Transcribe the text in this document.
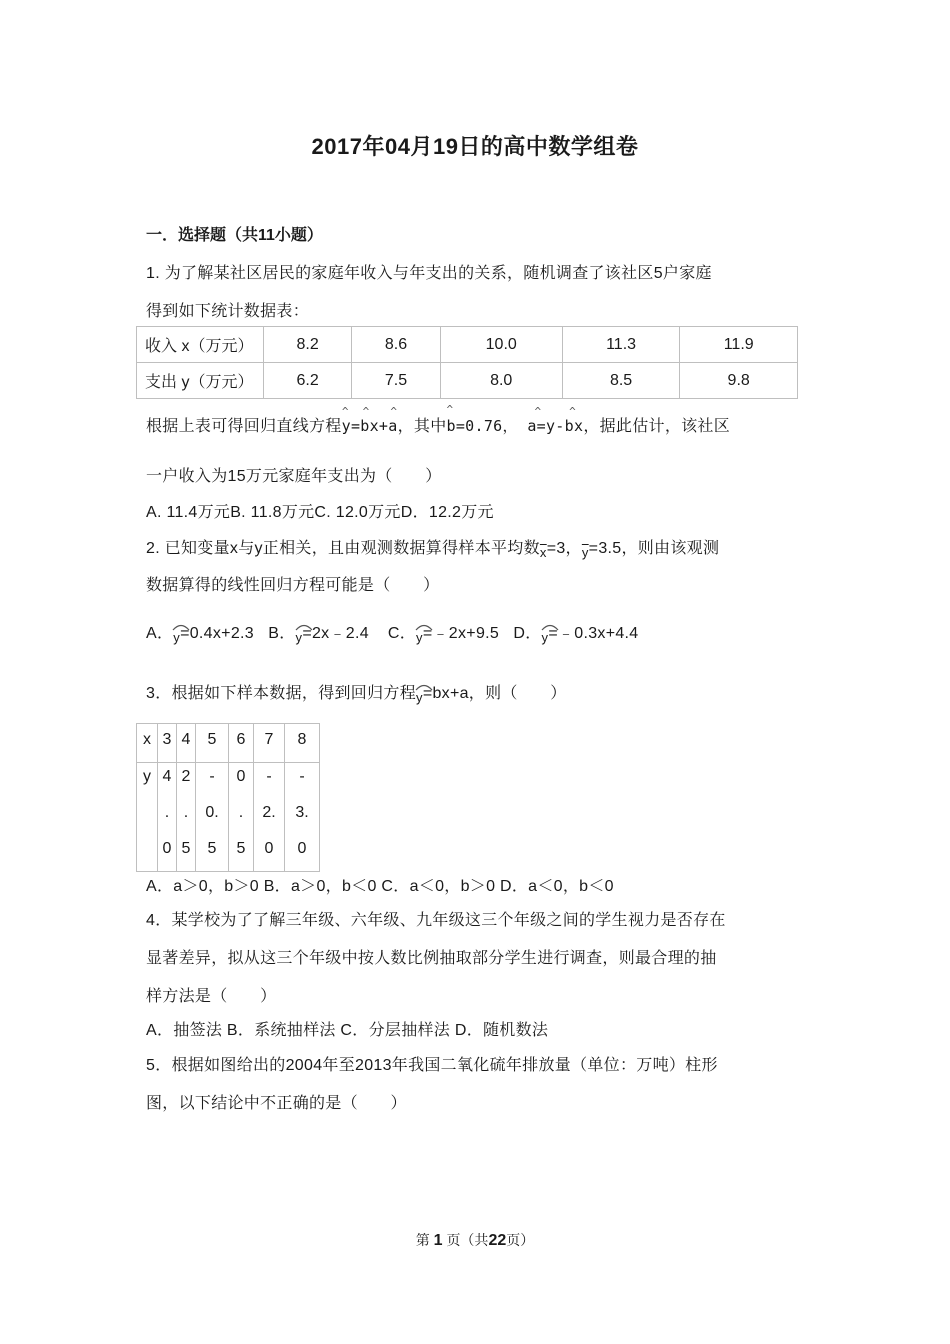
2017年04月19日的高中数学组卷
一．选择题（共11小题）
1. 为了解某社区居民的家庭年收入与年支出的关系，随机调查了该社区5户家庭
得到如下统计数据表：
收入 x（万元）	8.2	8.6	10.0	11.3	11.9
支出 y（万元）	6.2	7.5	8.0	8.5	9.8
根据上表可得回归直线方程
^  ^   ^
y=bx+a，其中
^
b=0.76，
^    ^
a=y-bx，据此估计，该社区
一户收入为15万元家庭年支出为（　　）
A. 11.4万元B. 11.8万元C. 12.0万元D．12.2万元
2. 已知变量x与y正相关，且由观测数据算得样本平均数$_{\overline{x}}$=3，$_{\overline{y}}$=3.5，则由该观测
数据算得的线性回归方程可能是（　　）
A．
y=0.4x+2.3 B．
y=2x﹣2.4 C．
y=﹣2x+9.5 D．
y=﹣0.3x+4.4
3．根据如下样本数据，得到回归方程
y=bx+a，则（　　）
x	3	4	5	6	7	8

y	4
.
0	2
.
5	-
0.
5	0
.
5	-
2.
0	-
3.
0
A．a＞0，b＞0 B．a＞0，b＜0 C．a＜0，b＞0 D．a＜0，b＜0
4．某学校为了了解三年级、六年级、九年级这三个年级之间的学生视力是否存在
显著差异，拟从这三个年级中按人数比例抽取部分学生进行调查，则最合理的抽
样方法是（　　）
A．抽签法 B．系统抽样法 C．分层抽样法 D．随机数法
5．根据如图给出的2004年至2013年我国二氧化硫年排放量（单位：万吨）柱形
图，以下结论中不正确的是（　　）
第 1 页（共22页）
